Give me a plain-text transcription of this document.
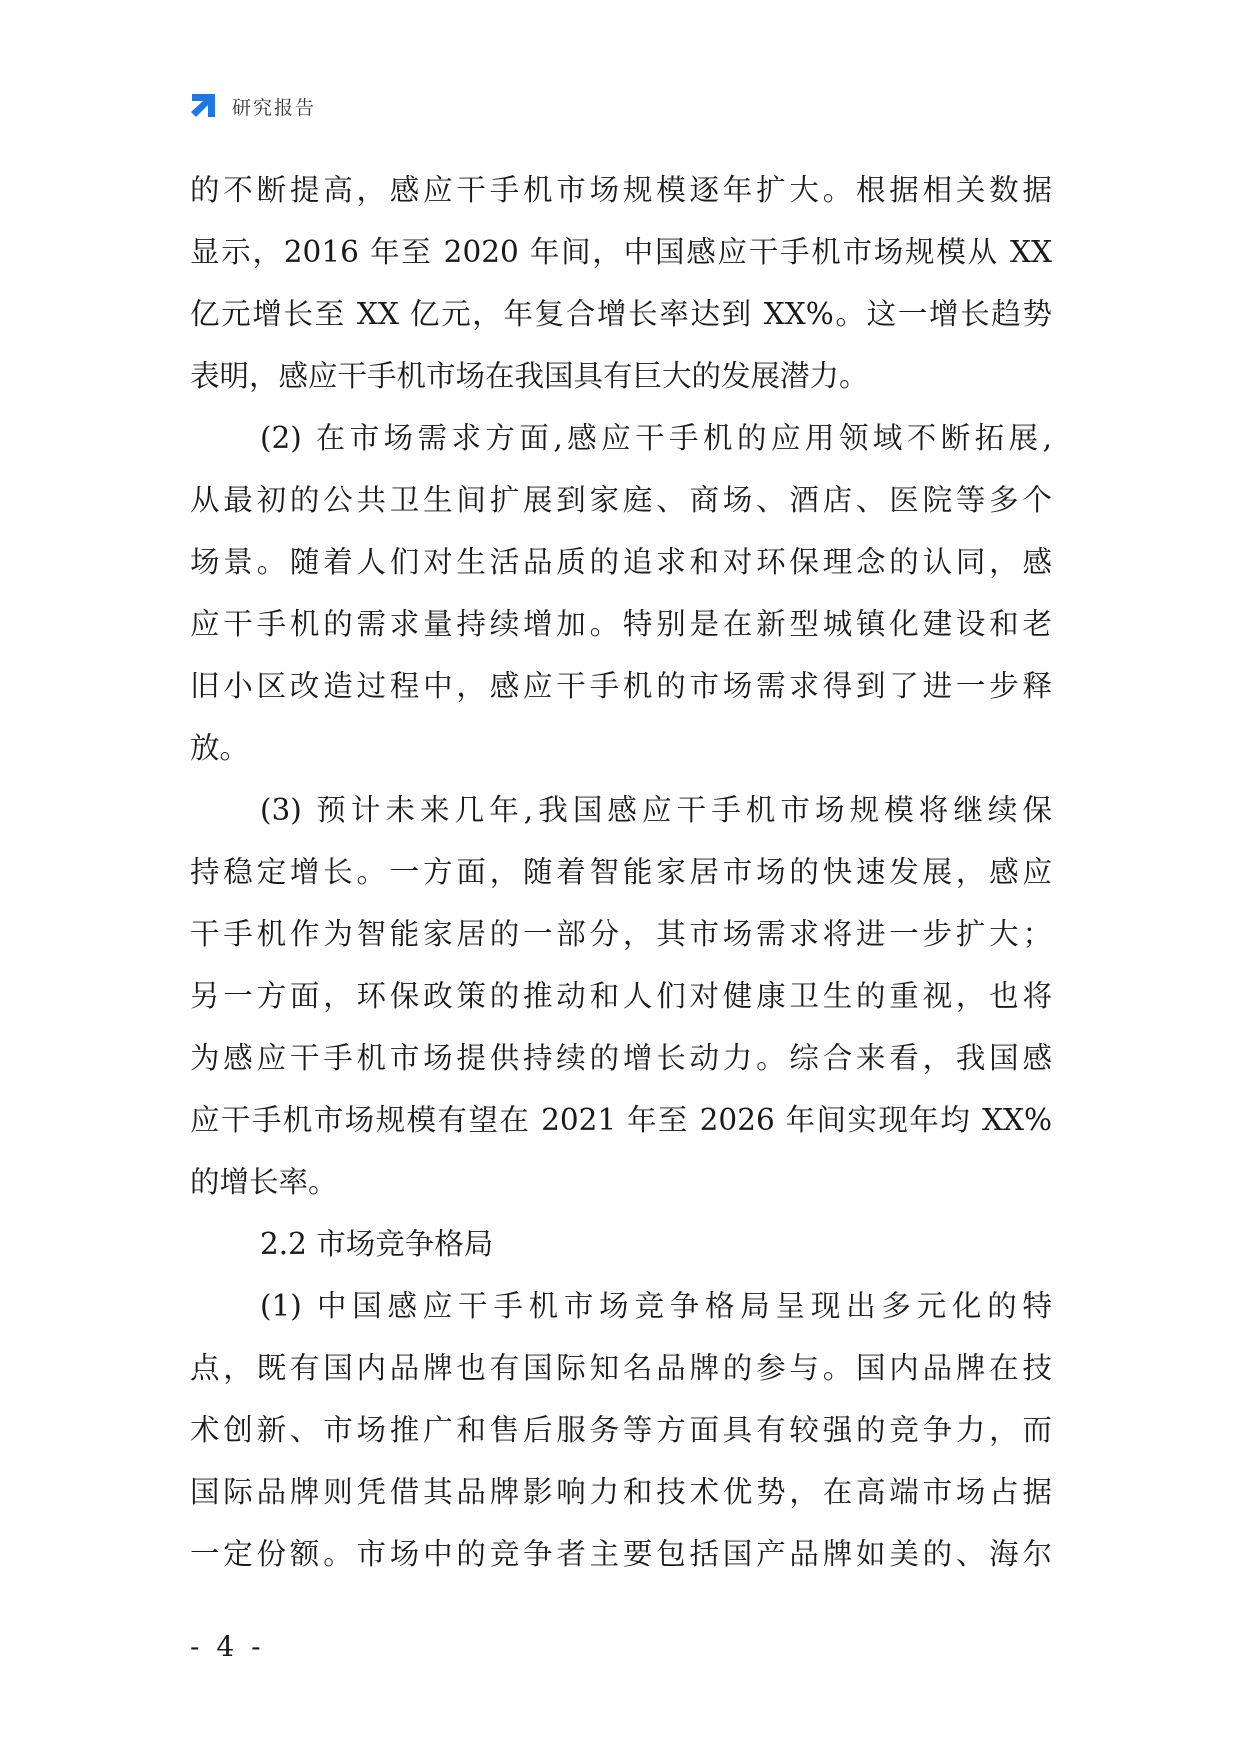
研究报告
的不断提高，感应干手机市场规模逐年扩大。根据相关数据
显示，2016 年至 2020 年间，中国感应干手机市场规模从 XX
亿元增长至 XX 亿元，年复合增长率达到 XX%。这一增长趋势
表明，感应干手机市场在我国具有巨大的发展潜力。
(2) 在市场需求方面,感应干手机的应用领域不断拓展,
从最初的公共卫生间扩展到家庭、商场、酒店、医院等多个
场景。随着人们对生活品质的追求和对环保理念的认同，感
应干手机的需求量持续增加。特别是在新型城镇化建设和老
旧小区改造过程中，感应干手机的市场需求得到了进一步释
放。
(3) 预计未来几年,我国感应干手机市场规模将继续保
持稳定增长。一方面，随着智能家居市场的快速发展，感应
干手机作为智能家居的一部分，其市场需求将进一步扩大；
另一方面，环保政策的推动和人们对健康卫生的重视，也将
为感应干手机市场提供持续的增长动力。综合来看，我国感
应干手机市场规模有望在 2021 年至 2026 年间实现年均 XX%
的增长率。
2.2 市场竞争格局
(1) 中国感应干手机市场竞争格局呈现出多元化的特
点，既有国内品牌也有国际知名品牌的参与。国内品牌在技
术创新、市场推广和售后服务等方面具有较强的竞争力，而
国际品牌则凭借其品牌影响力和技术优势，在高端市场占据
一定份额。市场中的竞争者主要包括国产品牌如美的、海尔
- 4 -
